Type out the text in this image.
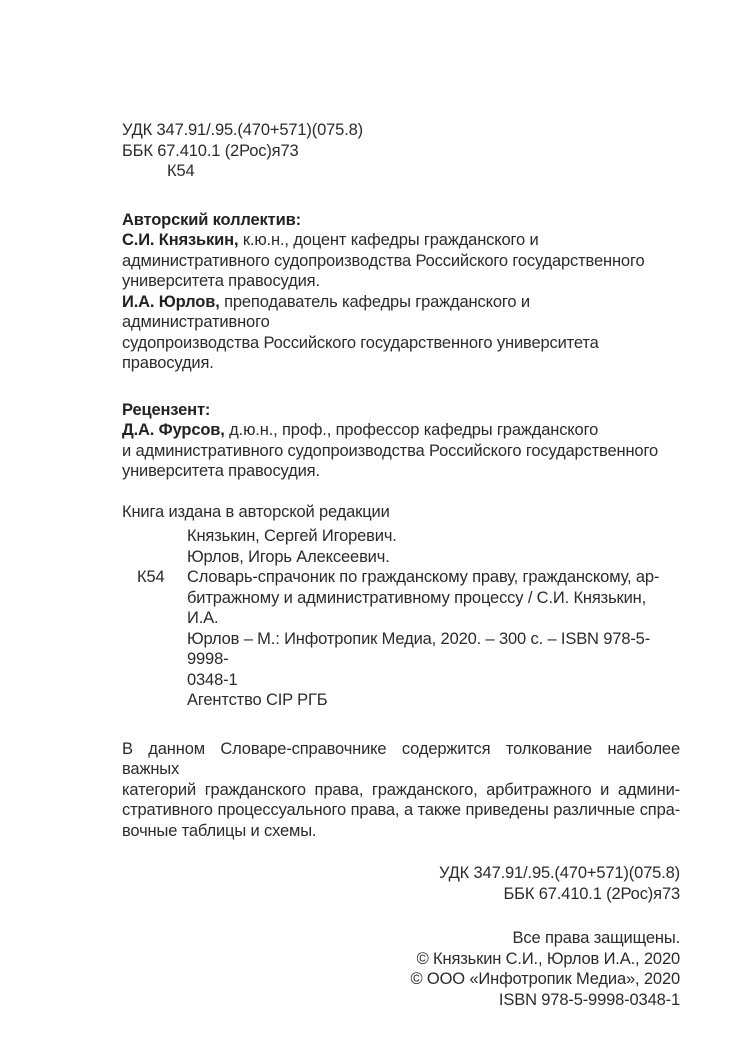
УДК 347.91/.95.(470+571)(075.8)
ББК 67.410.1 (2Рос)я73
К54
Авторский коллектив:
С.И. Князькин, к.ю.н., доцент кафедры гражданского и
административного судопроизводства Российского государственного
университета правосудия.
И.А. Юрлов, преподаватель кафедры гражданского и административного
судопроизводства Российского государственного университета
правосудия.
Рецензент:
Д.А. Фурсов, д.ю.н., проф., профессор кафедры гражданского
и административного судопроизводства Российского государственного
университета правосудия.
Книга издана в авторской редакции
К54
Князькин, Сергей Игоревич.
Юрлов, Игорь Алексеевич.
Словарь-спрачоник по гражданскому праву, гражданскому, ар-
битражному и административному процессу / С.И. Князькин, И.А.
Юрлов – М.: Инфотропик Медиа, 2020. – 300 с. – ISBN 978-5-9998-
0348-1
Агентство CIP РГБ
В данном Словаре-справочнике содержится толкование наиболее важных
категорий гражданского права, гражданского, арбитражного и админи-
стративного процессуального права, а также приведены различные спра-
вочные таблицы и схемы.
УДК 347.91/.95.(470+571)(075.8)
ББК 67.410.1 (2Рос)я73
Все права защищены.
© Князькин С.И., Юрлов И.А., 2020
© ООО «Инфотропик Медиа», 2020
ISBN 978-5-9998-0348-1
